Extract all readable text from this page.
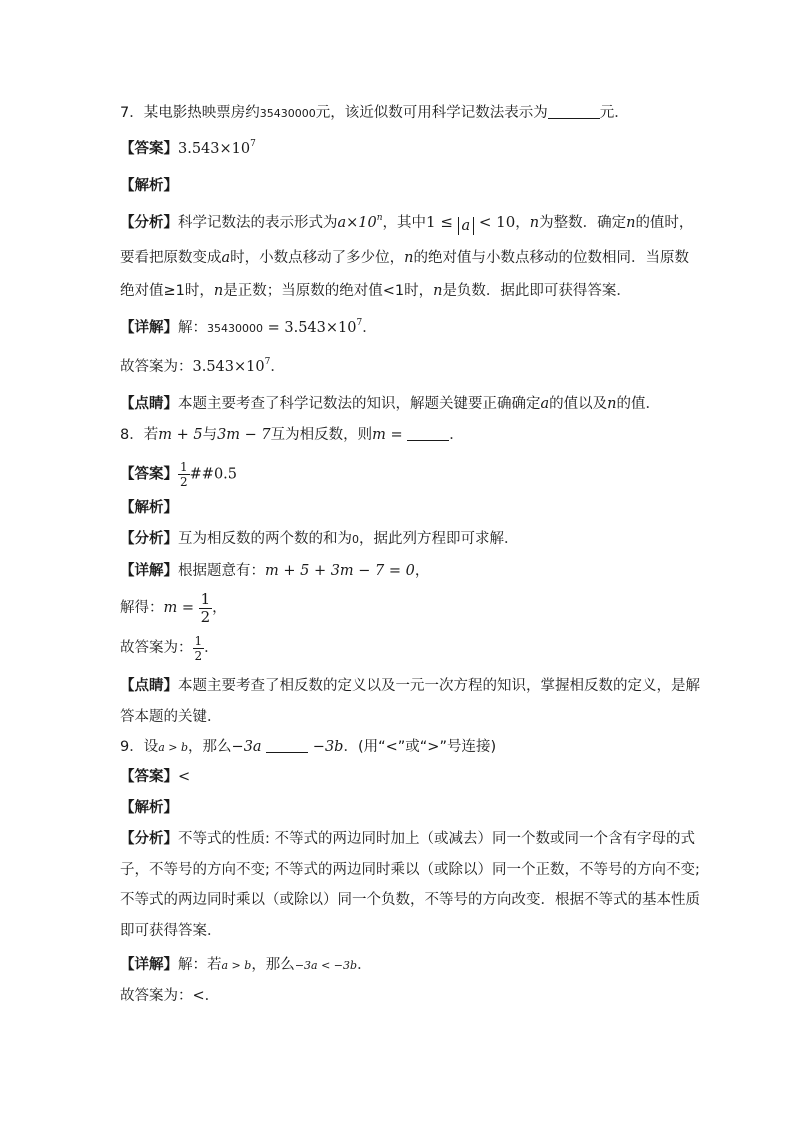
7．某电影热映票房约35430000元，该近似数可用科学记数法表示为	元．
【答案】$3.543\times 10^7$
【解析】
【分析】科学记数法的表示形式为$a\times 10^n$，其中1 ≤ a < 10，n为整数．确定n的值时，
要看把原数变成a时，小数点移动了多少位，n的绝对值与小数点移动的位数相同．当原数
绝对值≥1时，n是正数；当原数的绝对值<1时，n是负数．据此即可获得答案．
【详解】解：$35430000 = 3.543\times 10^7$．
故答案为：$3.543\times 10^7$．
【点睛】本题主要考查了科学记数法的知识，解题关键要正确确定a的值以及n的值．
8．若m + 5与3m − 7互为相反数，则m =	．
【答案】 $\frac{1}{2}$ ##0.5
【解析】
【分析】互为相反数的两个数的和为0，据此列方程即可求解．
【详解】根据题意有：m + 5 + 3m − 7 = 0，
解得：$m = \frac{1}{2}$ ，
故答案为： $\frac{1}{2}$ ．
【点睛】本题主要考查了相反数的定义以及一元一次方程的知识，掌握相反数的定义，是解
答本题的关键．
9．设a > b，那么−3a	−3b．(用“<”或“>”号连接)
【答案】<
【解析】
【分析】不等式的性质: 不等式的两边同时加上（或减去）同一个数或同一个含有字母的式
子，不等号的方向不变; 不等式的两边同时乘以（或除以）同一个正数，不等号的方向不变;
不等式的两边同时乘以（或除以）同一个负数，不等号的方向改变．根据不等式的基本性质
即可获得答案．
【详解】解：若a > b，那么−3a < −3b．
故答案为：<．
